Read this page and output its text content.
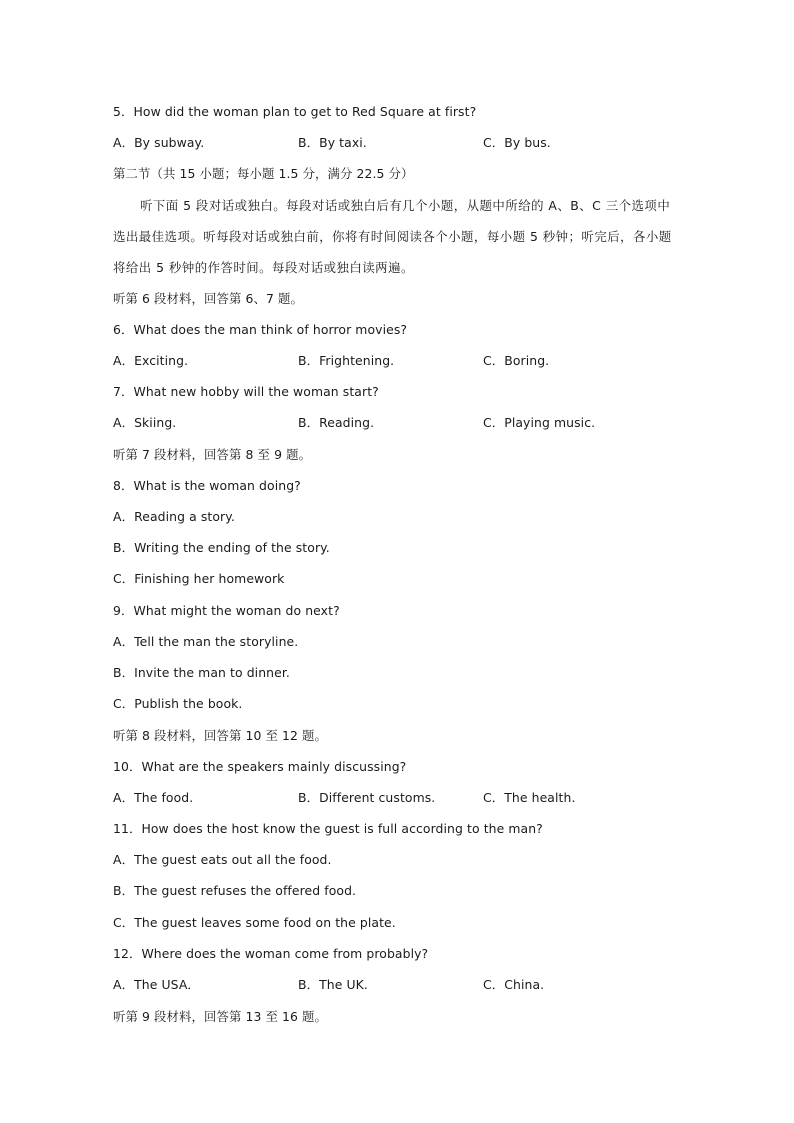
5．How did the woman plan to get to Red Square at first?
A．By subway.	B．By taxi.	C．By bus.
第二节（共 15 小题；每小题 1.5 分，满分 22.5 分）
听下面 5 段对话或独白。每段对话或独白后有几个小题，从题中所给的 A、B、C 三个选项中选出最佳选项。听每段对话或独白前，你将有时间阅读各个小题，每小题 5 秒钟；听完后，各小题将给出 5 秒钟的作答时间。每段对话或独白读两遍。
听第 6 段材料，回答第 6、7 题。
6．What does the man think of horror movies?
A．Exciting.	B．Frightening.	C．Boring.
7．What new hobby will the woman start?
A．Skiing.	B．Reading.	C．Playing music.
听第 7 段材料，回答第 8 至 9 题。
8．What is the woman doing?
A．Reading a story.
B．Writing the ending of the story.
C．Finishing her homework
9．What might the woman do next?
A．Tell the man the storyline.
B．Invite the man to dinner.
C．Publish the book.
听第 8 段材料，回答第 10 至 12 题。
10．What are the speakers mainly discussing?
A．The food.	B．Different customs.	C．The health.
11．How does the host know the guest is full according to the man?
A．The guest eats out all the food.
B．The guest refuses the offered food.
C．The guest leaves some food on the plate.
12．Where does the woman come from probably?
A．The USA．	B．The UK.	C．China.
听第 9 段材料，回答第 13 至 16 题。
